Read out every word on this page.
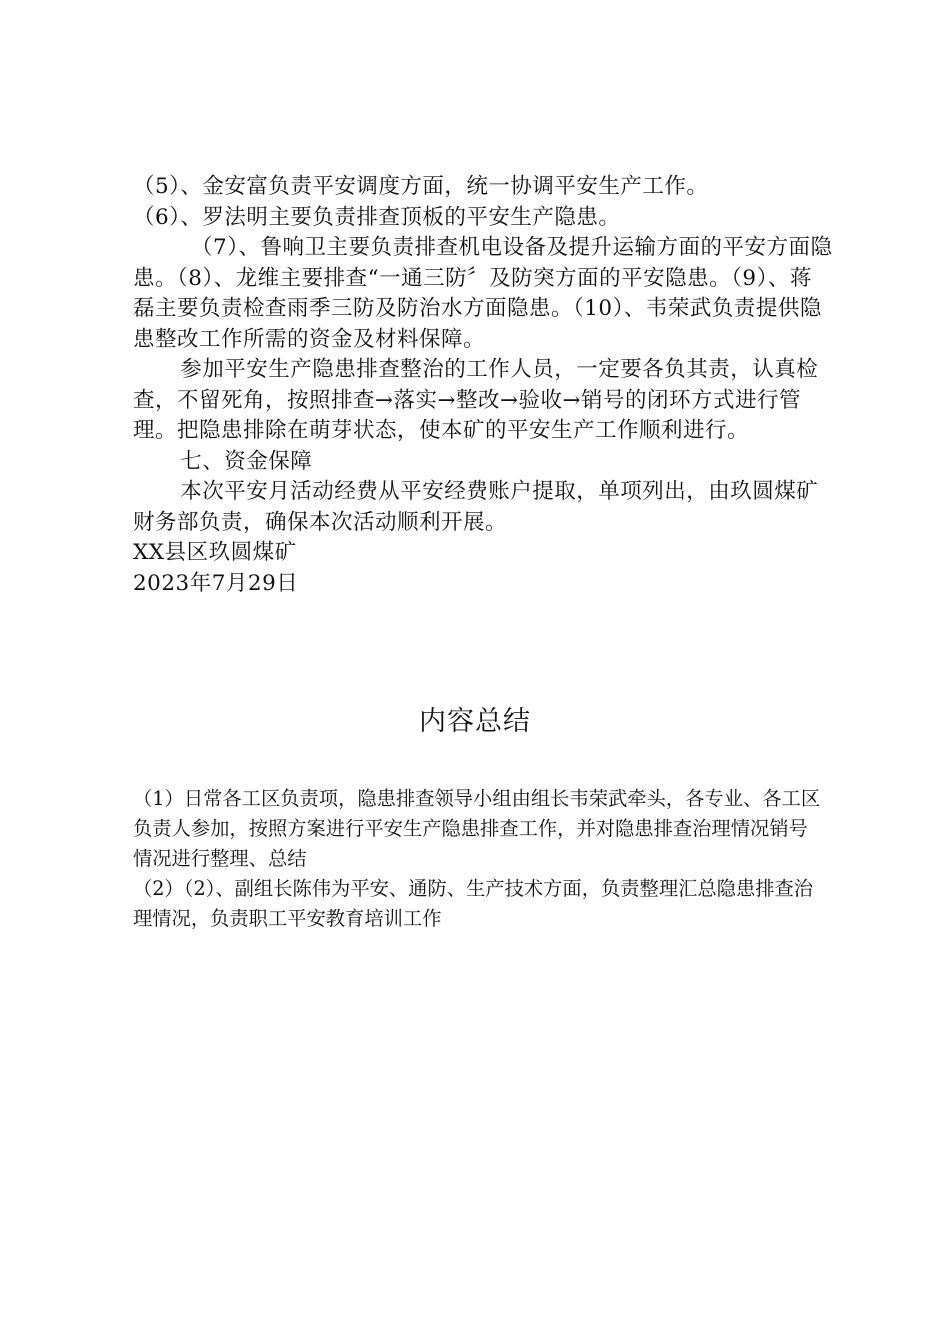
（5）、金安富负责平安调度方面，统一协调平安生产工作。

（6）、罗法明主要负责排查顶板的平安生产隐患。

（7）、鲁响卫主要负责排查机电设备及提升运输方面的平安方面隐患。（8）、龙维主要排查“一通三防〞及防突方面的平安隐患。（9）、蒋磊主要负责检查雨季三防及防治水方面隐患。（10）、韦荣武负责提供隐患整改工作所需的资金及材料保障。

参加平安生产隐患排查整治的工作人员，一定要各负其责，认真检查，不留死角，按照排查→落实→整改→验收→销号的闭环方式进行管理。把隐患排除在萌芽状态，使本矿的平安生产工作顺利进行。

七、资金保障

本次平安月活动经费从平安经费账户提取，单项列出，由玖圆煤矿财务部负责，确保本次活动顺利开展。

XX县区玖圆煤矿

2023年7月29日

内容总结

（1）日常各工区负责项，隐患排查领导小组由组长韦荣武牵头，各专业、各工区负责人参加，按照方案进行平安生产隐患排查工作，并对隐患排查治理情况销号情况进行整理、总结

（2）（2）、副组长陈伟为平安、通防、生产技术方面，负责整理汇总隐患排查治理情况，负责职工平安教育培训工作
